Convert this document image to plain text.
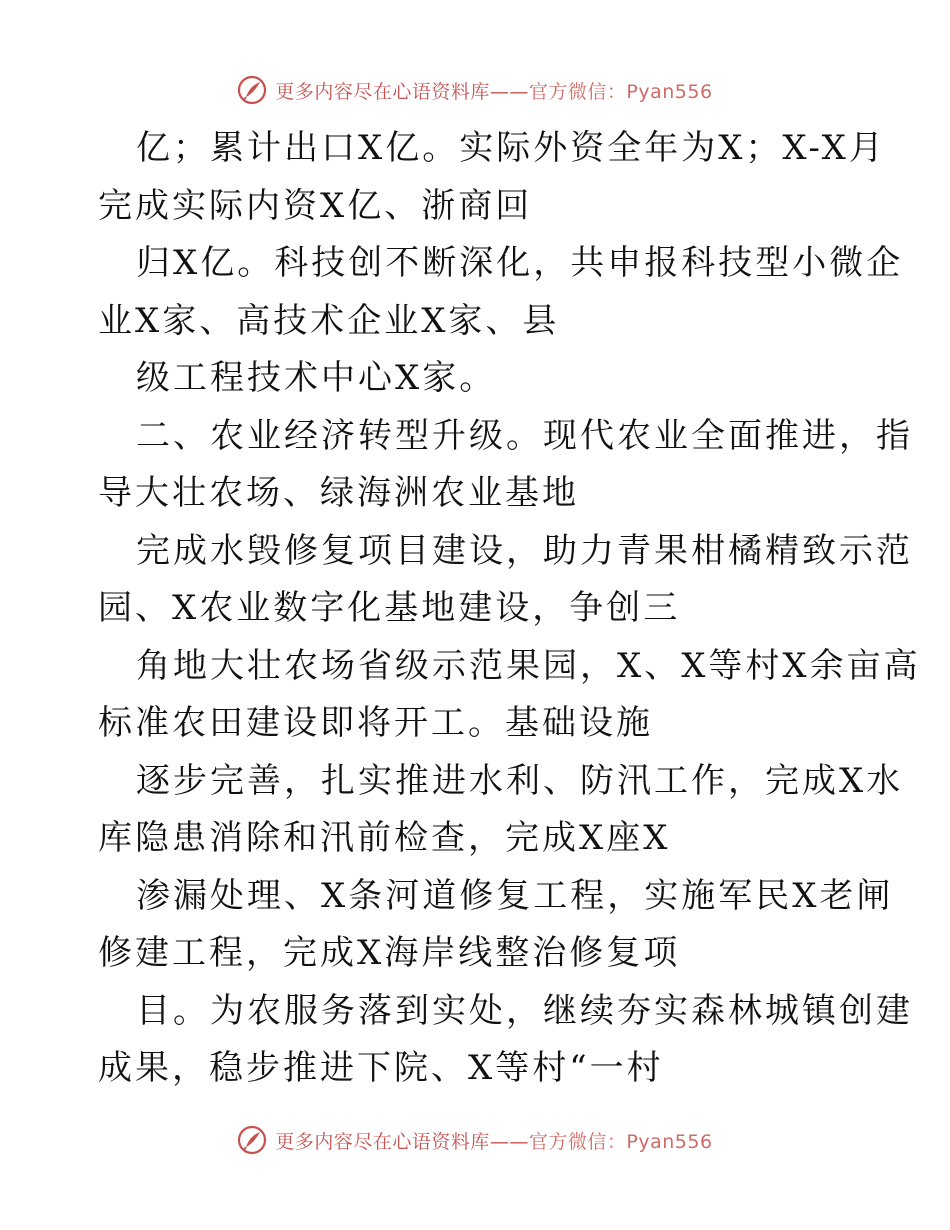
更多内容尽在心语资料库——官方微信：Pyan556
亿；累计出口X亿。实际外资全年为X；X-X月
完成实际内资X亿、浙商回
归X亿。科技创不断深化，共申报科技型小微企
业X家、高技术企业X家、县
级工程技术中心X家。
二、农业经济转型升级。现代农业全面推进，指
导大壮农场、绿海洲农业基地
完成水毁修复项目建设，助力青果柑橘精致示范
园、X农业数字化基地建设，争创三
角地大壮农场省级示范果园，X、X等村X余亩高
标准农田建设即将开工。基础设施
逐步完善，扎实推进水利、防汛工作，完成X水
库隐患消除和汛前检查，完成X座X
渗漏处理、X条河道修复工程，实施军民X老闸
修建工程，完成X海岸线整治修复项
目。为农服务落到实处，继续夯实森林城镇创建
成果，稳步推进下院、X等村“一村
更多内容尽在心语资料库——官方微信：Pyan556
